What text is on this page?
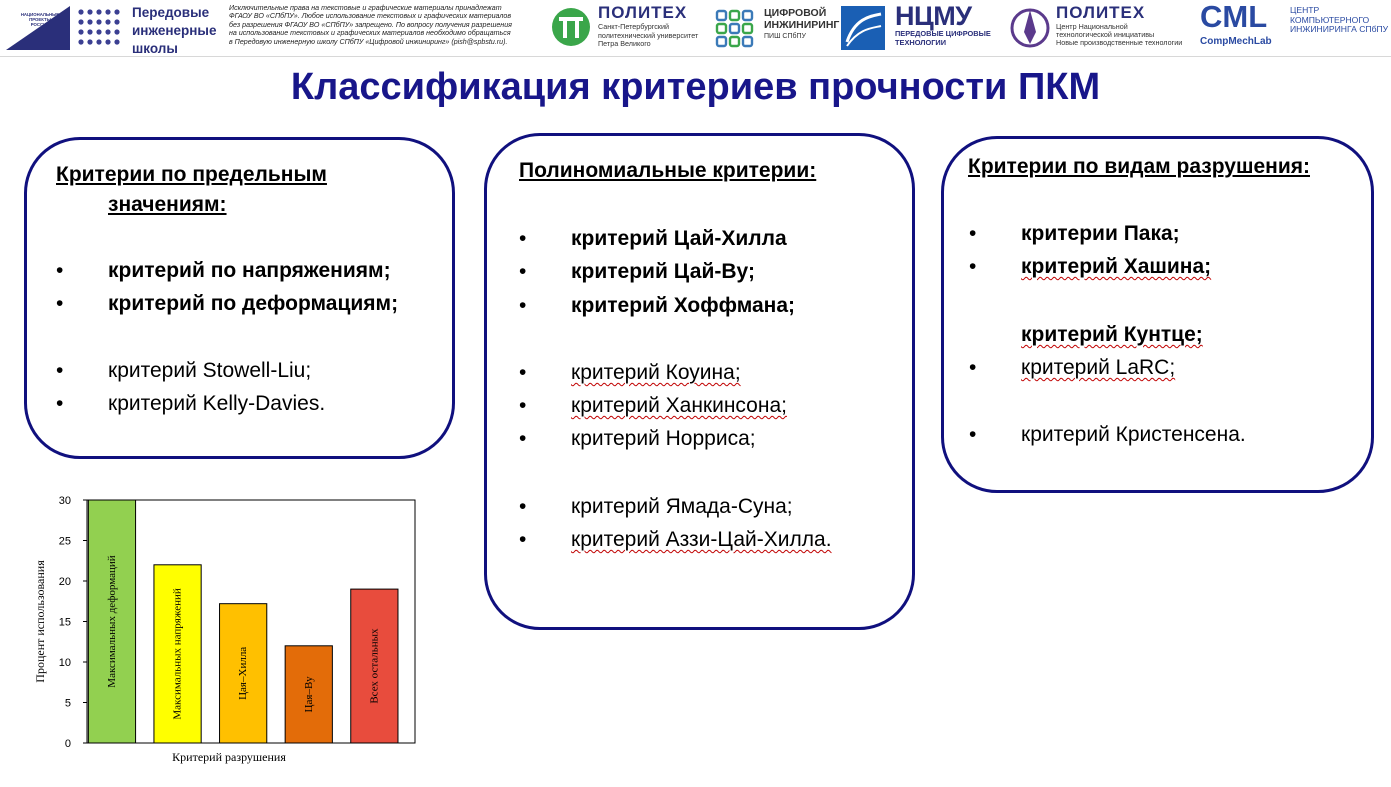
НАЦИОНАЛЬНЫЕ
ПРОЕКТЫ
РОССИИ
Передовые
инженерные
школы
Исключительные права на текстовые и графические материалы принадлежат
ФГАОУ ВО «СПбПУ». Любое использование текстовых и графических материалов
без разрешения ФГАОУ ВО «СПбПУ» запрещено. По вопросу получения разрешения
на использование текстовых и графических материалов необходимо обращаться
в Передовую инженерную школу СПбПУ «Цифровой инжиниринг» (pish@spbstu.ru).
ПОЛИТЕХ
Санкт-Петербургский
политехнический университет
Петра Великого
ЦИФРОВОЙ
ИНЖИНИРИНГ
ПИШ СПбПУ
НЦМУ
ПЕРЕДОВЫЕ ЦИФРОВЫЕ
ТЕХНОЛОГИИ
ПОЛИТЕХ
Центр Национальной
технологической инициативы
Новые производственные технологии
CML
CompMechLab
ЦЕНТР
КОМПЬЮТЕРНОГО
ИНЖИНИРИНГА СПбПУ
Классификация критериев прочности ПКМ
Критерии по предельным
значениям:
• критерий по напряжениям;
• критерий по деформациям;
• критерий Stowell-Liu;
• критерий Kelly-Davies.
Полиномиальные критерии:
• критерий Цай-Хилла
• критерий Цай-Ву;
• критерий Хоффмана;
• критерий Коуина;
• критерий Ханкинсона;
• критерий Норриса;
• критерий Ямада-Суна;
• критерий Аззи-Цай-Хилла.
Критерии по видам разрушения:
• критерии Пака;
• критерий Хашина;
критерий Кунтце;
• критерий LaRC;
• критерий Кристенсена.
0
5
10
15
20
25
30
Максимальных деформаций	Максимальных напряжений	Цая–Хилла	Цая–Ву	Всех остальных
Процент использования
Критерий разрушения
